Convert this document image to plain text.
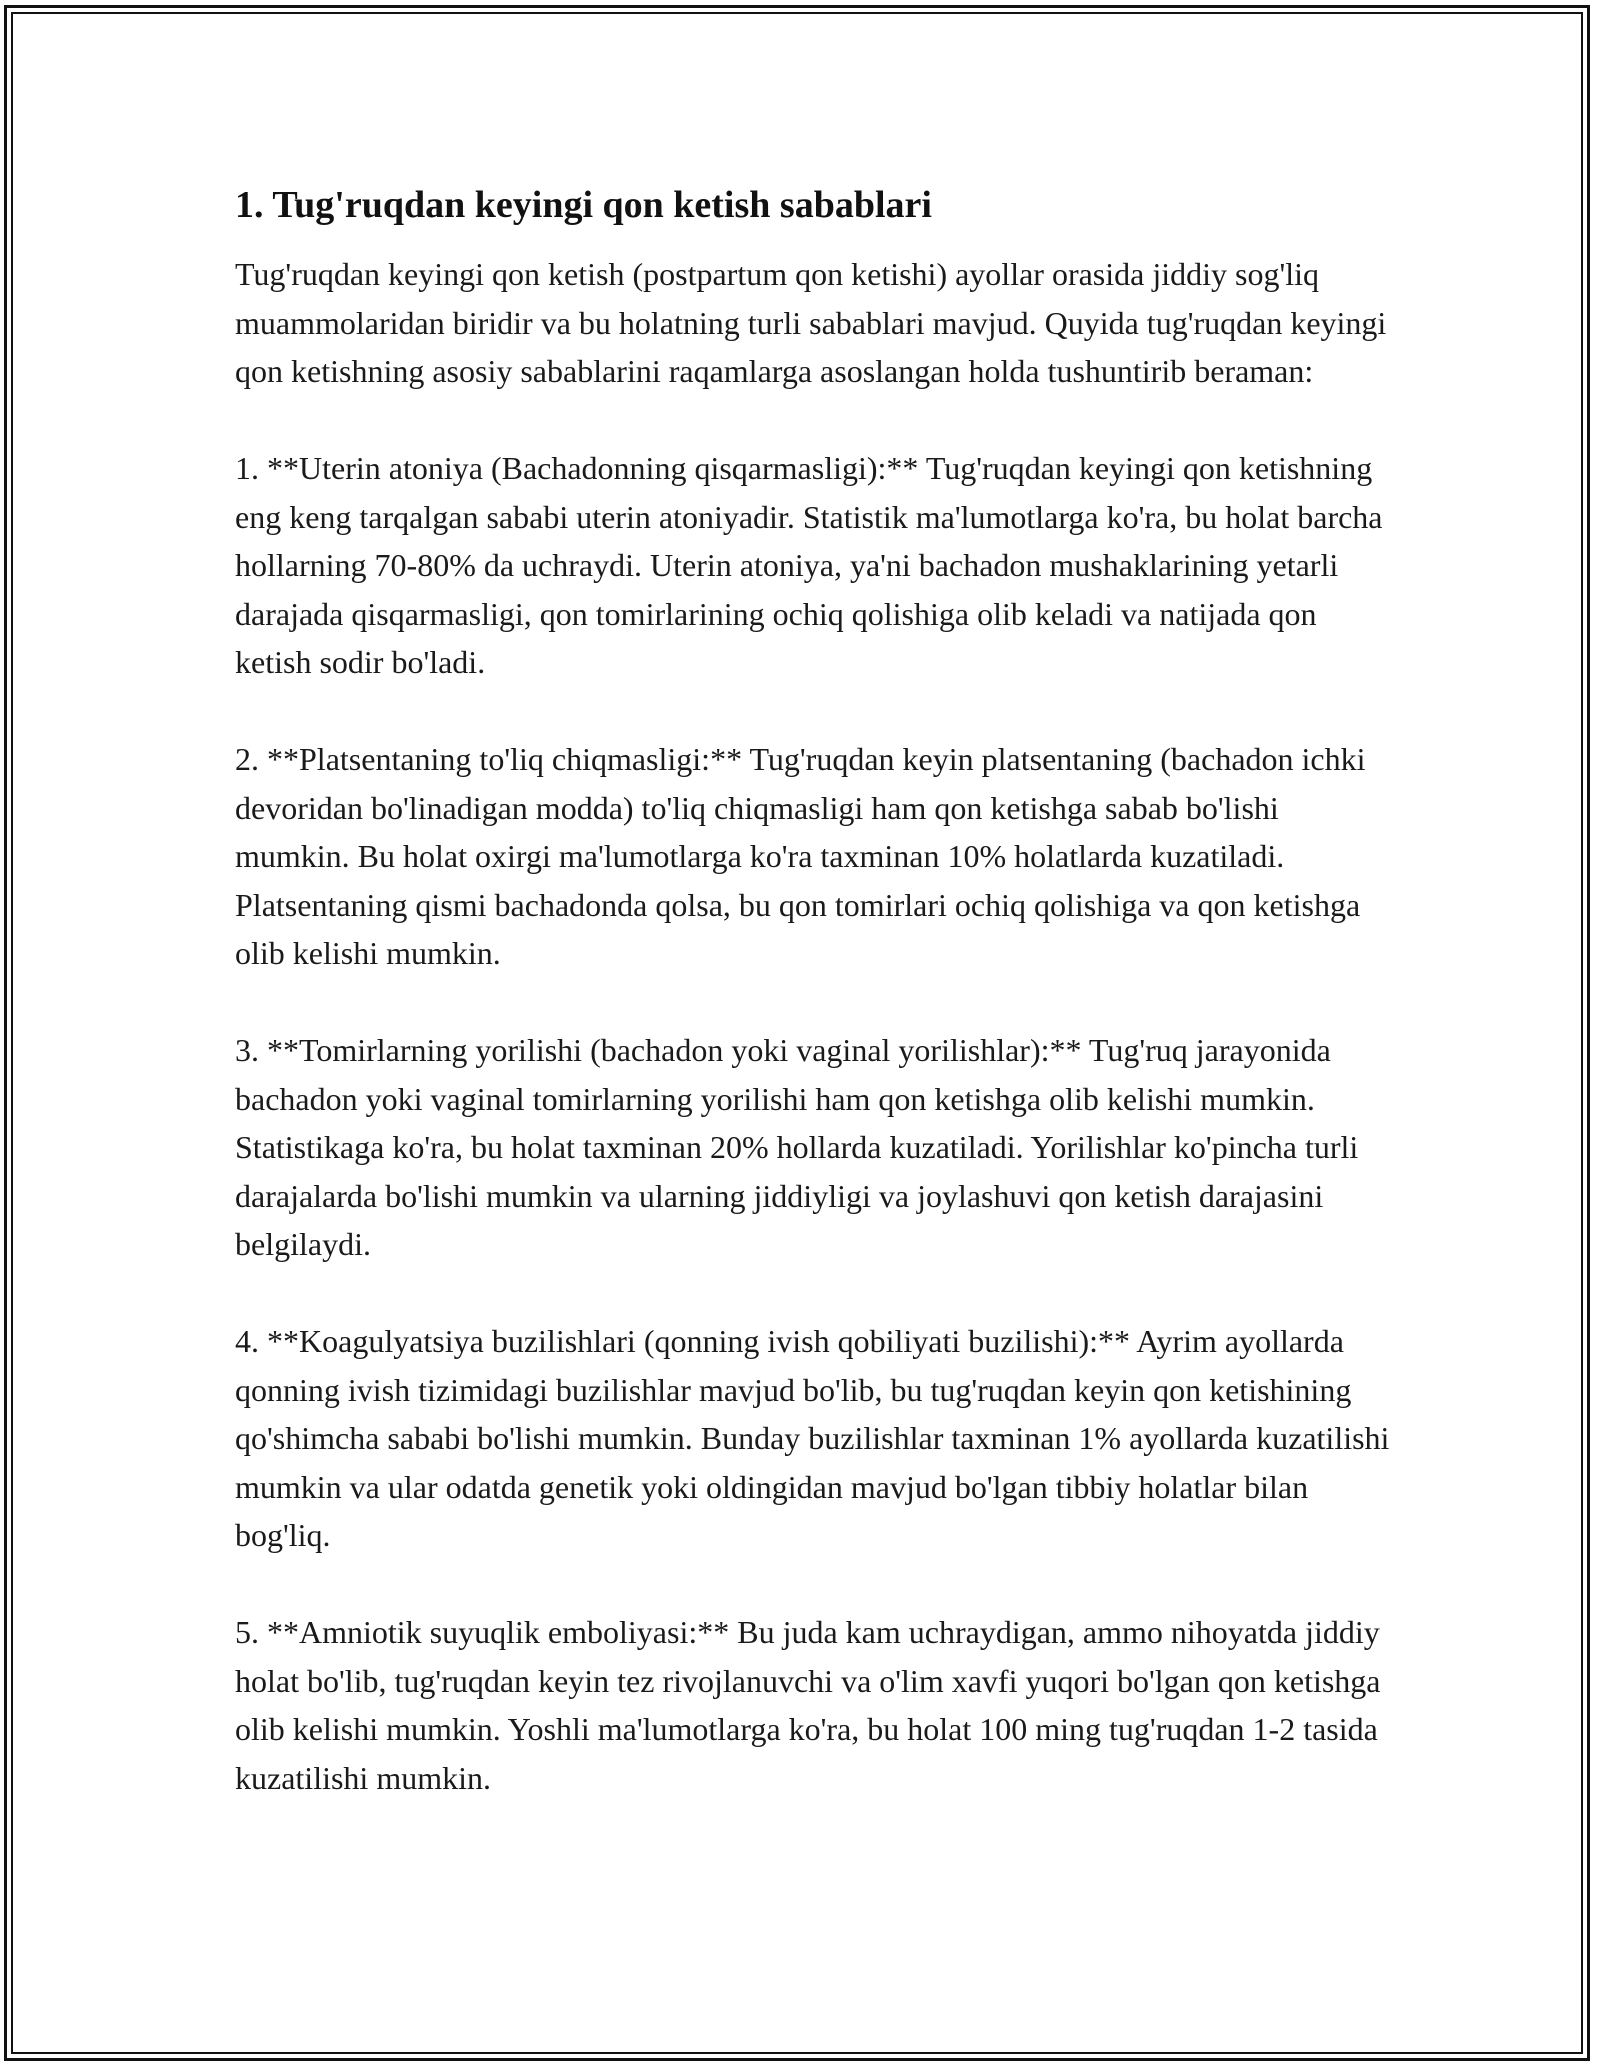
1. Tug'ruqdan keyingi qon ketish sabablari

Tug'ruqdan keyingi qon ketish (postpartum qon ketishi) ayollar orasida jiddiy sog'liq muammolaridan biridir va bu holatning turli sabablari mavjud. Quyida tug'ruqdan keyingi qon ketishning asosiy sabablarini raqamlarga asoslangan holda tushuntirib beraman:

1. **Uterin atoniya (Bachadonning qisqarmasligi):** Tug'ruqdan keyingi qon ketishning eng keng tarqalgan sababi uterin atoniyadir. Statistik ma'lumotlarga ko'ra, bu holat barcha hollarning 70-80% da uchraydi. Uterin atoniya, ya'ni bachadon mushaklarining yetarli darajada qisqarmasligi, qon tomirlarining ochiq qolishiga olib keladi va natijada qon ketish sodir bo'ladi.

2. **Platsentaning to'liq chiqmasligi:** Tug'ruqdan keyin platsentaning (bachadon ichki devoridan bo'linadigan modda) to'liq chiqmasligi ham qon ketishga sabab bo'lishi mumkin. Bu holat oxirgi ma'lumotlarga ko'ra taxminan 10% holatlarda kuzatiladi. Platsentaning qismi bachadonda qolsa, bu qon tomirlari ochiq qolishiga va qon ketishga olib kelishi mumkin.

3. **Tomirlarning yorilishi (bachadon yoki vaginal yorilishlar):** Tug'ruq jarayonida bachadon yoki vaginal tomirlarning yorilishi ham qon ketishga olib kelishi mumkin. Statistikaga ko'ra, bu holat taxminan 20% hollarda kuzatiladi. Yorilishlar ko'pincha turli darajalarda bo'lishi mumkin va ularning jiddiyligi va joylashuvi qon ketish darajasini belgilaydi.

4. **Koagulyatsiya buzilishlari (qonning ivish qobiliyati buzilishi):** Ayrim ayollarda qonning ivish tizimidagi buzilishlar mavjud bo'lib, bu tug'ruqdan keyin qon ketishining qo'shimcha sababi bo'lishi mumkin. Bunday buzilishlar taxminan 1% ayollarda kuzatilishi mumkin va ular odatda genetik yoki oldingidan mavjud bo'lgan tibbiy holatlar bilan bog'liq.

5. **Amniotik suyuqlik emboliyasi:** Bu juda kam uchraydigan, ammo nihoyatda jiddiy holat bo'lib, tug'ruqdan keyin tez rivojlanuvchi va o'lim xavfi yuqori bo'lgan qon ketishga olib kelishi mumkin. Yoshli ma'lumotlarga ko'ra, bu holat 100 ming tug'ruqdan 1-2 tasida kuzatilishi mumkin.
